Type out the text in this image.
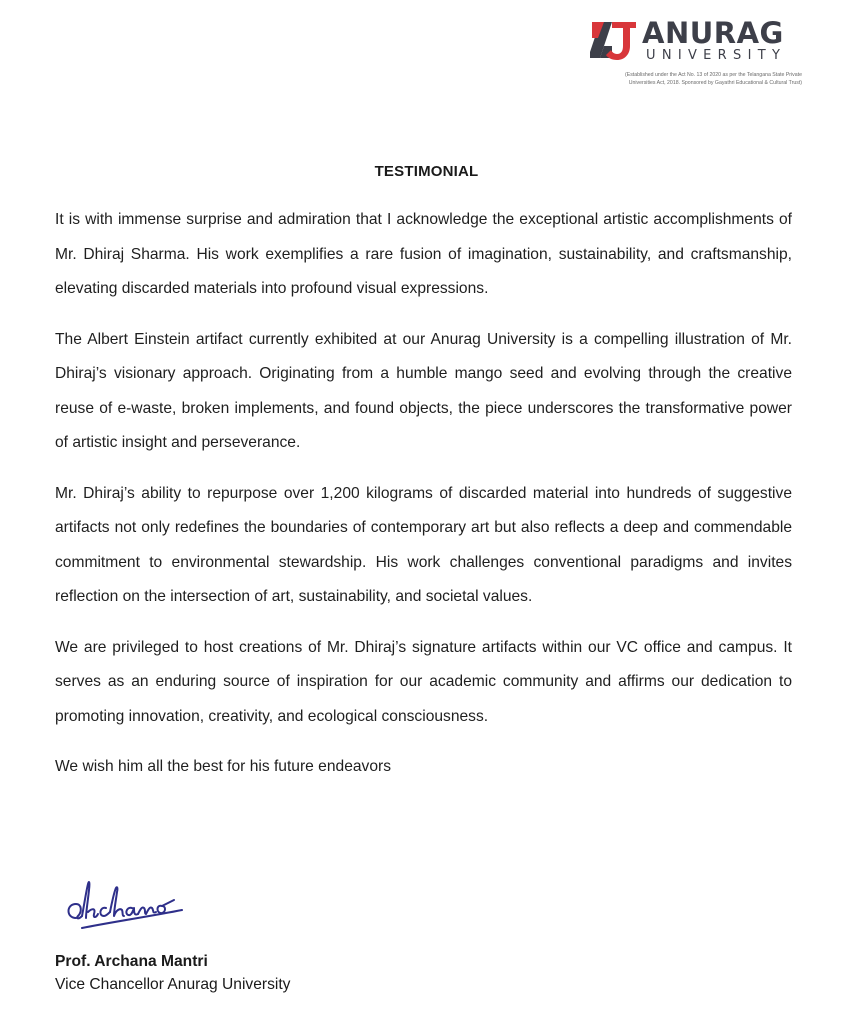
ANURAG
UNIVERSITY
(Established under the Act No. 13 of 2020 as per the Telangana State Private
Universities Act, 2018. Sponsored by Gayathri Educational & Cultural Trust)
TESTIMONIAL

It is with immense surprise and admiration that I acknowledge the exceptional artistic accomplishments of Mr. Dhiraj Sharma. His work exemplifies a rare fusion of imagination, sustainability, and craftsmanship, elevating discarded materials into profound visual expressions.

The Albert Einstein artifact currently exhibited at our Anurag University is a compelling illustration of Mr. Dhiraj’s visionary approach. Originating from a humble mango seed and evolving through the creative reuse of e-waste, broken implements, and found objects, the piece underscores the transformative power of artistic insight and perseverance.

Mr. Dhiraj’s ability to repurpose over 1,200 kilograms of discarded material into hundreds of suggestive artifacts not only redefines the boundaries of contemporary art but also reflects a deep and commendable commitment to environmental stewardship. His work challenges conventional paradigms and invites reflection on the intersection of art, sustainability, and societal values.

We are privileged to host creations of Mr. Dhiraj’s signature artifacts within our VC office and campus. It serves as an enduring source of inspiration for our academic community and affirms our dedication to promoting innovation, creativity, and ecological consciousness.

We wish him all the best for his future endeavors

Prof. Archana Mantri
Vice Chancellor Anurag University
